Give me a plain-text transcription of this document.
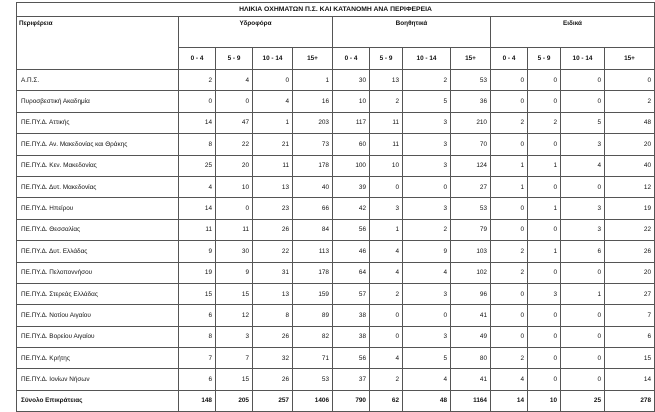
ΗΛΙΚΙΑ ΟΧΗΜΑΤΩΝ Π.Σ. ΚΑΙ ΚΑΤΑΝΟΜΗ ΑΝΑ ΠΕΡΙΦΕΡΕΙΑ												
Περιφέρεια	Υδροφόρα				Βοηθητικά				Ειδικά			
	0 - 4	5 - 9	10 - 14	15+	0 - 4	5 - 9	10 - 14	15+	0 - 4	5 - 9	10 - 14	15+
Α.Π.Σ.	2	4	0	1	30	13	2	53	0	0	0	0
Πυροσβεστική Ακαδημία	0	0	4	16	10	2	5	36	0	0	0	2
ΠΕ.ΠΥ.Δ. Αττικής	14	47	1	203	117	11	3	210	2	2	5	48
ΠΕ.ΠΥ.Δ. Αν. Μακεδονίας και Θράκης	8	22	21	73	60	11	3	70	0	0	3	20
ΠΕ.ΠΥ.Δ. Κεν. Μακεδονίας	25	20	11	178	100	10	3	124	1	1	4	40
ΠΕ.ΠΥ.Δ. Δυτ. Μακεδονίας	4	10	13	40	39	0	0	27	1	0	0	12
ΠΕ.ΠΥ.Δ. Ηπείρου	14	0	23	66	42	3	3	53	0	1	3	19
ΠΕ.ΠΥ.Δ. Θεσσαλίας	11	11	26	84	56	1	2	79	0	0	3	22
ΠΕ.ΠΥ.Δ. Δυτ. Ελλάδας	9	30	22	113	46	4	9	103	2	1	6	26
ΠΕ.ΠΥ.Δ. Πελοποννήσου	19	9	31	178	64	4	4	102	2	0	0	20
ΠΕ.ΠΥ.Δ. Στερεάς Ελλάδας	15	15	13	159	57	2	3	96	0	3	1	27
ΠΕ.ΠΥ.Δ. Νοτίου Αιγαίου	6	12	8	89	38	0	0	41	0	0	0	7
ΠΕ.ΠΥ.Δ. Βορείου Αιγαίου	8	3	26	82	38	0	3	49	0	0	0	6
ΠΕ.ΠΥ.Δ. Κρήτης	7	7	32	71	56	4	5	80	2	0	0	15
ΠΕ.ΠΥ.Δ. Ιονίων Νήσων	6	15	26	53	37	2	4	41	4	0	0	14
Σύνολο Επικράτειας	148	205	257	1406	790	62	48	1164	14	10	25	278
